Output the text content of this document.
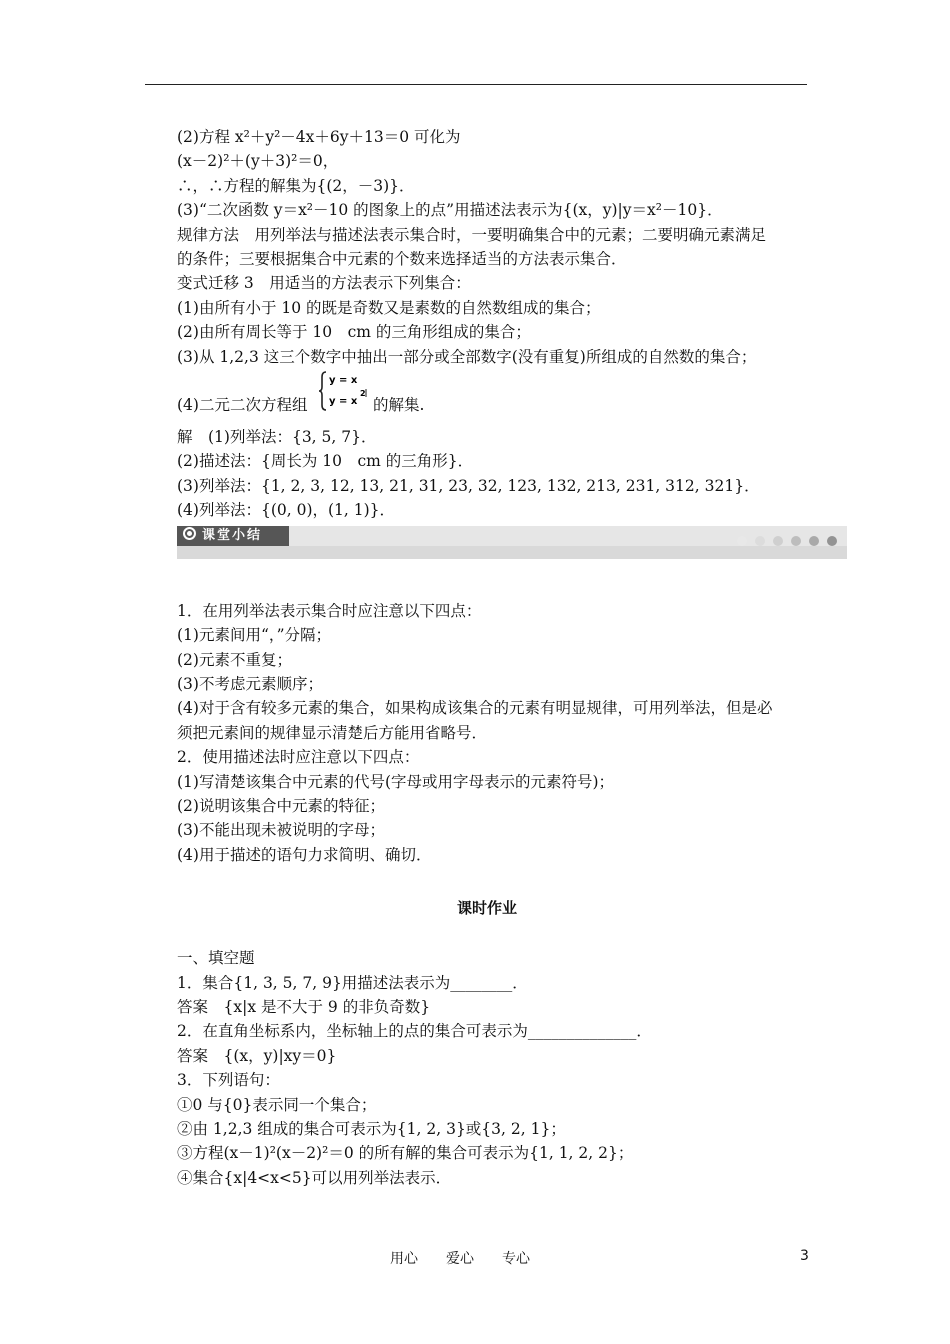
(2)方程 x²＋y²－4x＋6y＋13＝0 可化为
(x－2)²＋(y＋3)²＝0，
∴，∴方程的解集为{(2，－3)}．
(3)“二次函数 y＝x²－10 的图象上的点”用描述法表示为{(x，y)|y＝x²－10}．
规律方法　用列举法与描述法表示集合时，一要明确集合中的元素；二要明确元素满足
的条件；三要根据集合中元素的个数来选择适当的方法表示集合．
变式迁移 3　用适当的方法表示下列集合：
(1)由所有小于 10 的既是奇数又是素数的自然数组成的集合；
(2)由所有周长等于 10　cm 的三角形组成的集合；
(3)从 1,2,3 这三个数字中抽出一部分或全部数字(没有重复)所组成的自然数的集合；
(4)二元二次方程组
y = x
y = x
2
的解集.
解　(1)列举法：{3, 5, 7}．
(2)描述法：{周长为 10　cm 的三角形}．
(3)列举法：{1, 2, 3, 12, 13, 21, 31, 23, 32, 123, 132, 213, 231, 312, 321}．
(4)列举法：{(0, 0)，(1, 1)}．
课堂小结
1．在用列举法表示集合时应注意以下四点：
(1)元素间用“，”分隔；
(2)元素不重复；
(3)不考虑元素顺序；
(4)对于含有较多元素的集合，如果构成该集合的元素有明显规律，可用列举法，但是必
须把元素间的规律显示清楚后方能用省略号．
2．使用描述法时应注意以下四点：
(1)写清楚该集合中元素的代号(字母或用字母表示的元素符号)；
(2)说明该集合中元素的特征；
(3)不能出现未被说明的字母；
(4)用于描述的语句力求简明、确切．
课时作业
一、填空题
1．集合{1, 3, 5, 7, 9}用描述法表示为________．
答案　{x|x 是不大于 9 的非负奇数}
2．在直角坐标系内，坐标轴上的点的集合可表示为______________．
答案　{(x，y)|xy＝0}
3．下列语句：
①0 与{0}表示同一个集合；
②由 1,2,3 组成的集合可表示为{1, 2, 3}或{3, 2, 1}；
③方程(x－1)²(x－2)²＝0 的所有解的集合可表示为{1, 1, 2, 2}；
④集合{x|4<x<5}可以用列举法表示．
用心　　爱心　　专心	3
